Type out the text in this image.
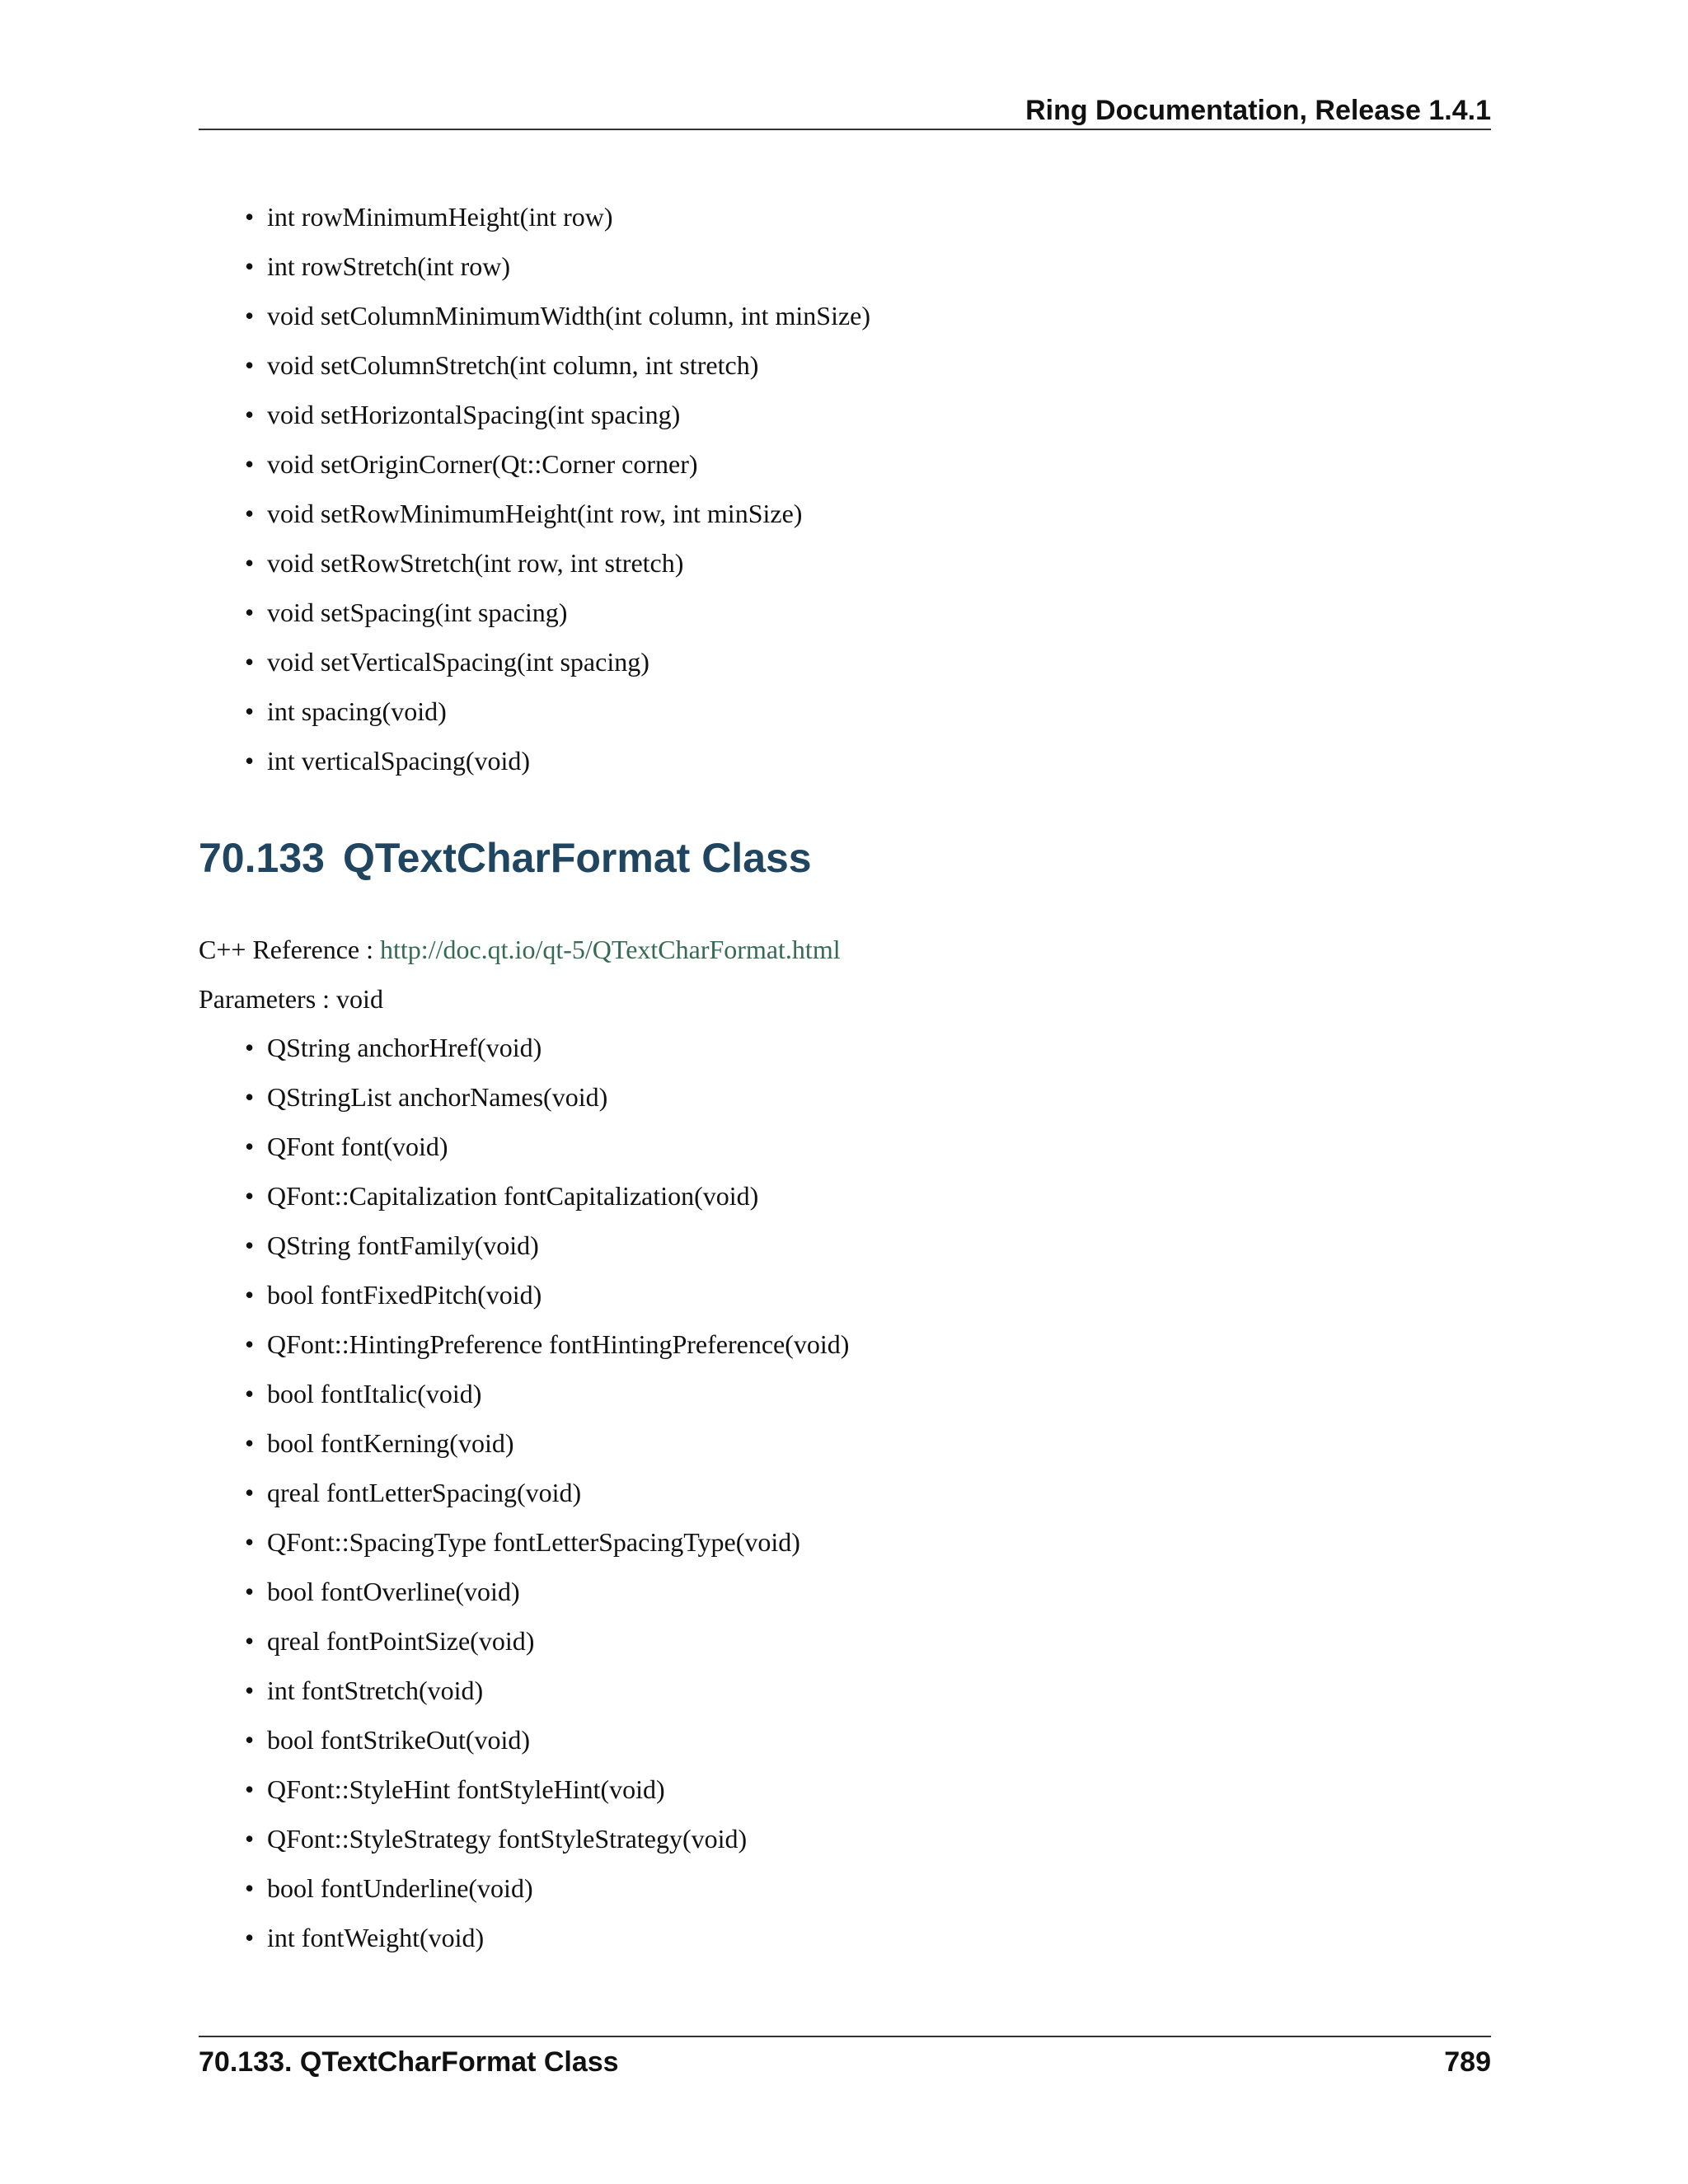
Ring Documentation, Release 1.4.1
• int rowMinimumHeight(int row)
• int rowStretch(int row)
• void setColumnMinimumWidth(int column, int minSize)
• void setColumnStretch(int column, int stretch)
• void setHorizontalSpacing(int spacing)
• void setOriginCorner(Qt::Corner corner)
• void setRowMinimumHeight(int row, int minSize)
• void setRowStretch(int row, int stretch)
• void setSpacing(int spacing)
• void setVerticalSpacing(int spacing)
• int spacing(void)
• int verticalSpacing(void)
70.133 QTextCharFormat Class
C++ Reference : http://doc.qt.io/qt-5/QTextCharFormat.html
Parameters : void
• QString anchorHref(void)
• QStringList anchorNames(void)
• QFont font(void)
• QFont::Capitalization fontCapitalization(void)
• QString fontFamily(void)
• bool fontFixedPitch(void)
• QFont::HintingPreference fontHintingPreference(void)
• bool fontItalic(void)
• bool fontKerning(void)
• qreal fontLetterSpacing(void)
• QFont::SpacingType fontLetterSpacingType(void)
• bool fontOverline(void)
• qreal fontPointSize(void)
• int fontStretch(void)
• bool fontStrikeOut(void)
• QFont::StyleHint fontStyleHint(void)
• QFont::StyleStrategy fontStyleStrategy(void)
• bool fontUnderline(void)
• int fontWeight(void)
70.133. QTextCharFormat Class	789
